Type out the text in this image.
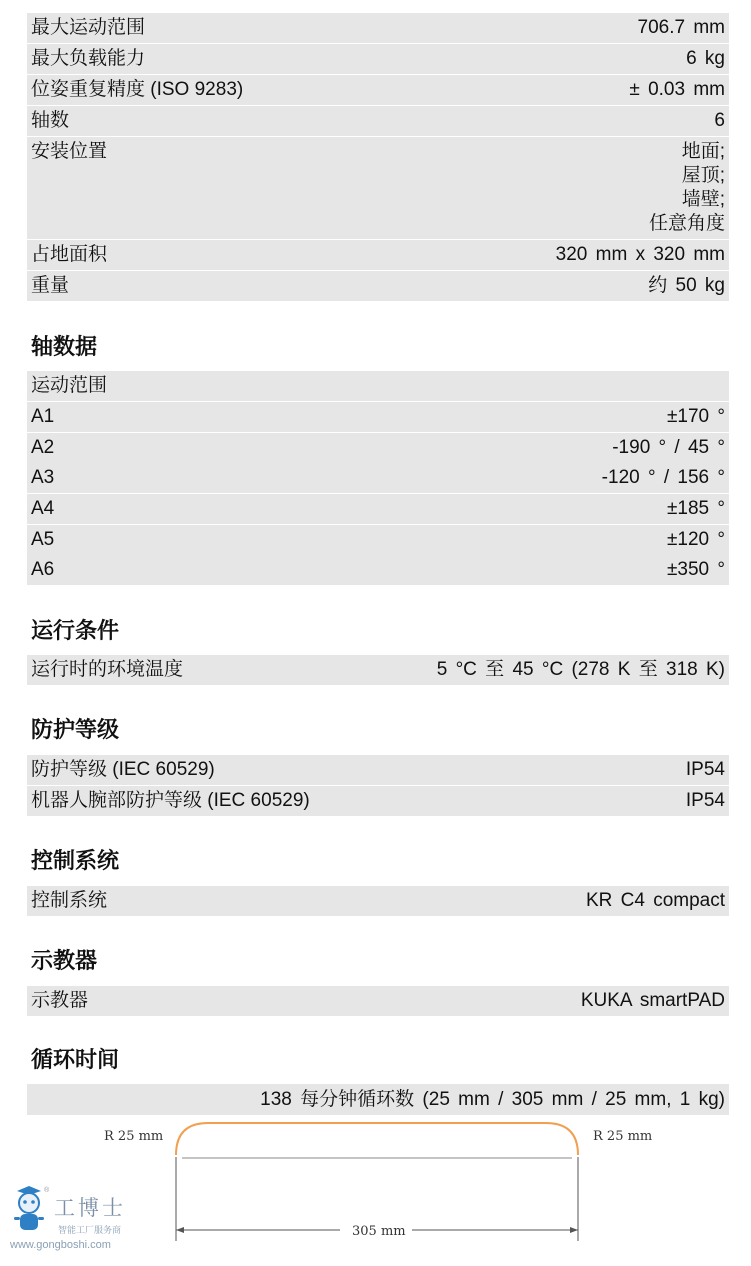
最大运动范围	706.7 mm
最大负载能力	6 kg
位姿重复精度 (ISO 9283)	± 0.03 mm
轴数	6
安装位置	地面;
屋顶;
墙壁;
任意角度
占地面积	320 mm x 320 mm
重量	约 50 kg
轴数据
运动范围
A1	±170 °
A2	-190 ° / 45 °
A3	-120 ° / 156 °
A4	±185 °
A5	±120 °
A6	±350 °
运行条件
运行时的环境温度	5 °C 至 45 °C (278 K 至 318 K)
防护等级
防护等级 (IEC 60529)	IP54
机器人腕部防护等级 (IEC 60529)	IP54
控制系统
控制系统	KR C4 compact
示教器
示教器	KUKA smartPAD
循环时间
138 每分钟循环数 (25 mm / 305 mm / 25 mm, 1 kg)
R 25 mm	R 25 mm
305 mm
®
工博士
智能工厂服务商
www.gongboshi.com
